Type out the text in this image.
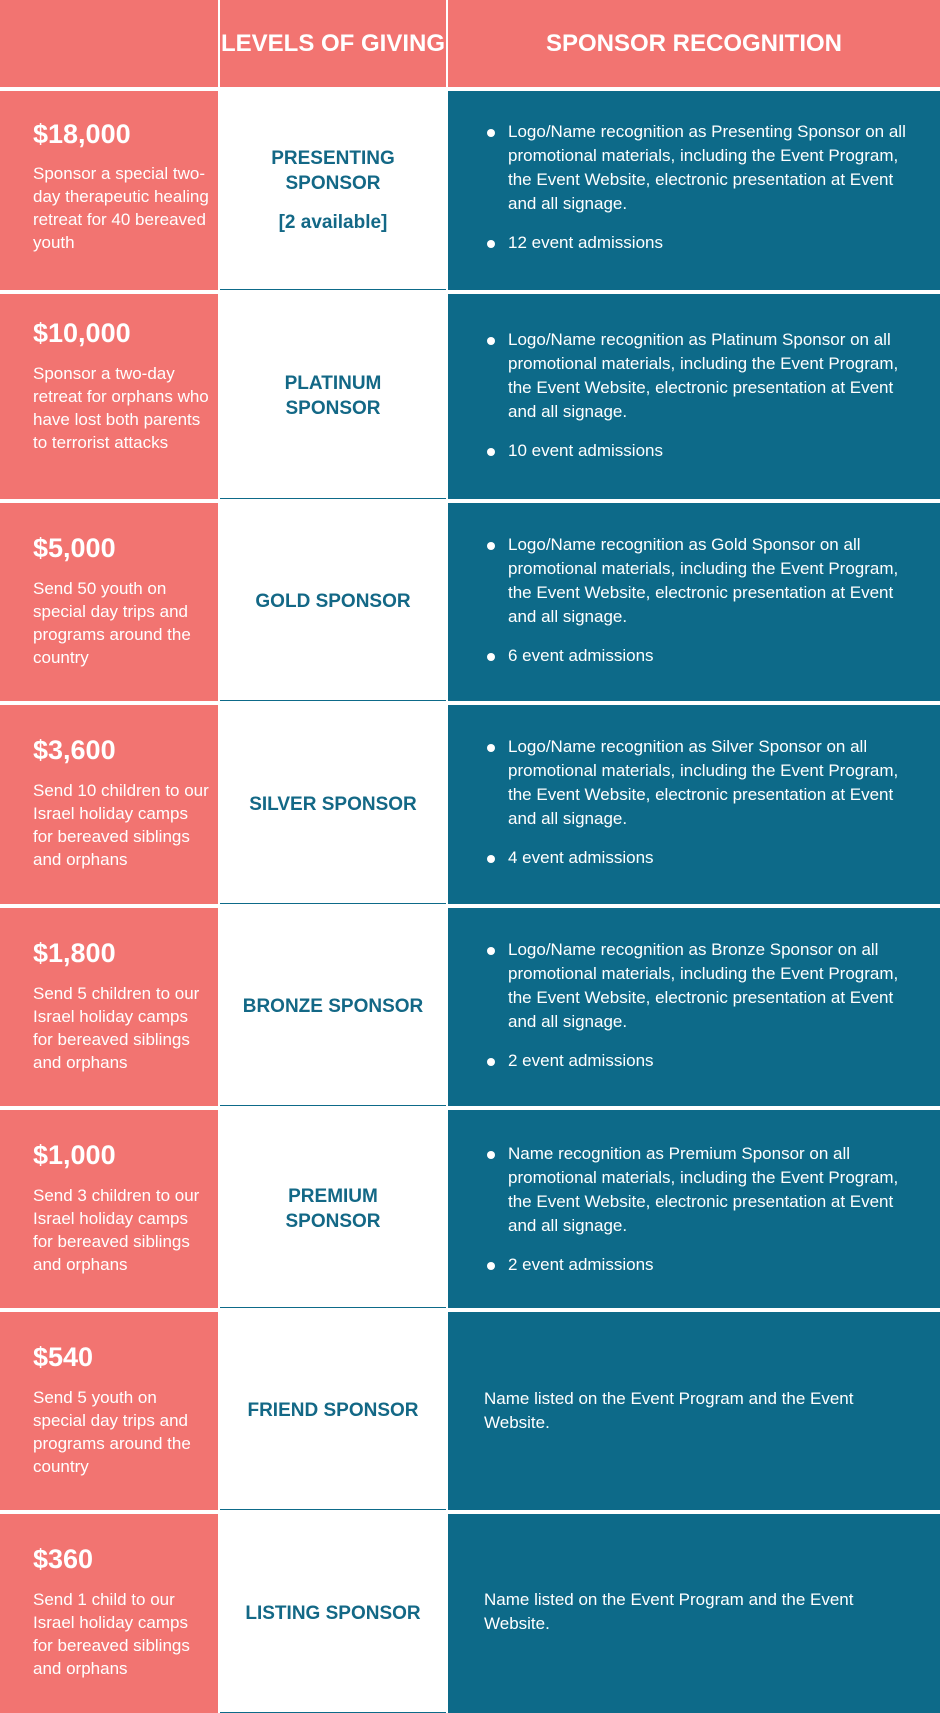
LEVELS OF GIVING	SPONSOR RECOGNITION
$18,000
Sponsor a special two-day therapeutic healing retreat for 40 bereaved youth
PRESENTING SPONSOR
[2 available]
Logo/Name recognition as Presenting Sponsor on all promotional materials, including the Event Program, the Event Website, electronic presentation at Event and all signage.
12 event admissions
$10,000
Sponsor a two-day retreat for orphans who have lost both parents to terrorist attacks
PLATINUM SPONSOR
Logo/Name recognition as Platinum Sponsor on all promotional materials, including the Event Program, the Event Website, electronic presentation at Event and all signage.
10 event admissions
$5,000
Send 50 youth on special day trips and programs around the country
GOLD SPONSOR
Logo/Name recognition as Gold Sponsor on all promotional materials, including the Event Program, the Event Website, electronic presentation at Event and all signage.
6 event admissions
$3,600
Send 10 children to our Israel holiday camps for bereaved siblings and orphans
SILVER SPONSOR
Logo/Name recognition as Silver Sponsor on all promotional materials, including the Event Program, the Event Website, electronic presentation at Event and all signage.
4 event admissions
$1,800
Send 5 children to our Israel holiday camps for bereaved siblings and orphans
BRONZE SPONSOR
Logo/Name recognition as Bronze Sponsor on all promotional materials, including the Event Program, the Event Website, electronic presentation at Event and all signage.
2 event admissions
$1,000
Send 3 children to our Israel holiday camps for bereaved siblings and orphans
PREMIUM SPONSOR
Name recognition as Premium Sponsor on all promotional materials, including the Event Program, the Event Website, electronic presentation at Event and all signage.
2 event admissions
$540
Send 5 youth on special day trips and programs around the country
FRIEND SPONSOR
Name listed on the Event Program and the Event Website.
$360
Send 1 child to our Israel holiday camps for bereaved siblings and orphans
LISTING SPONSOR
Name listed on the Event Program and the Event Website.
